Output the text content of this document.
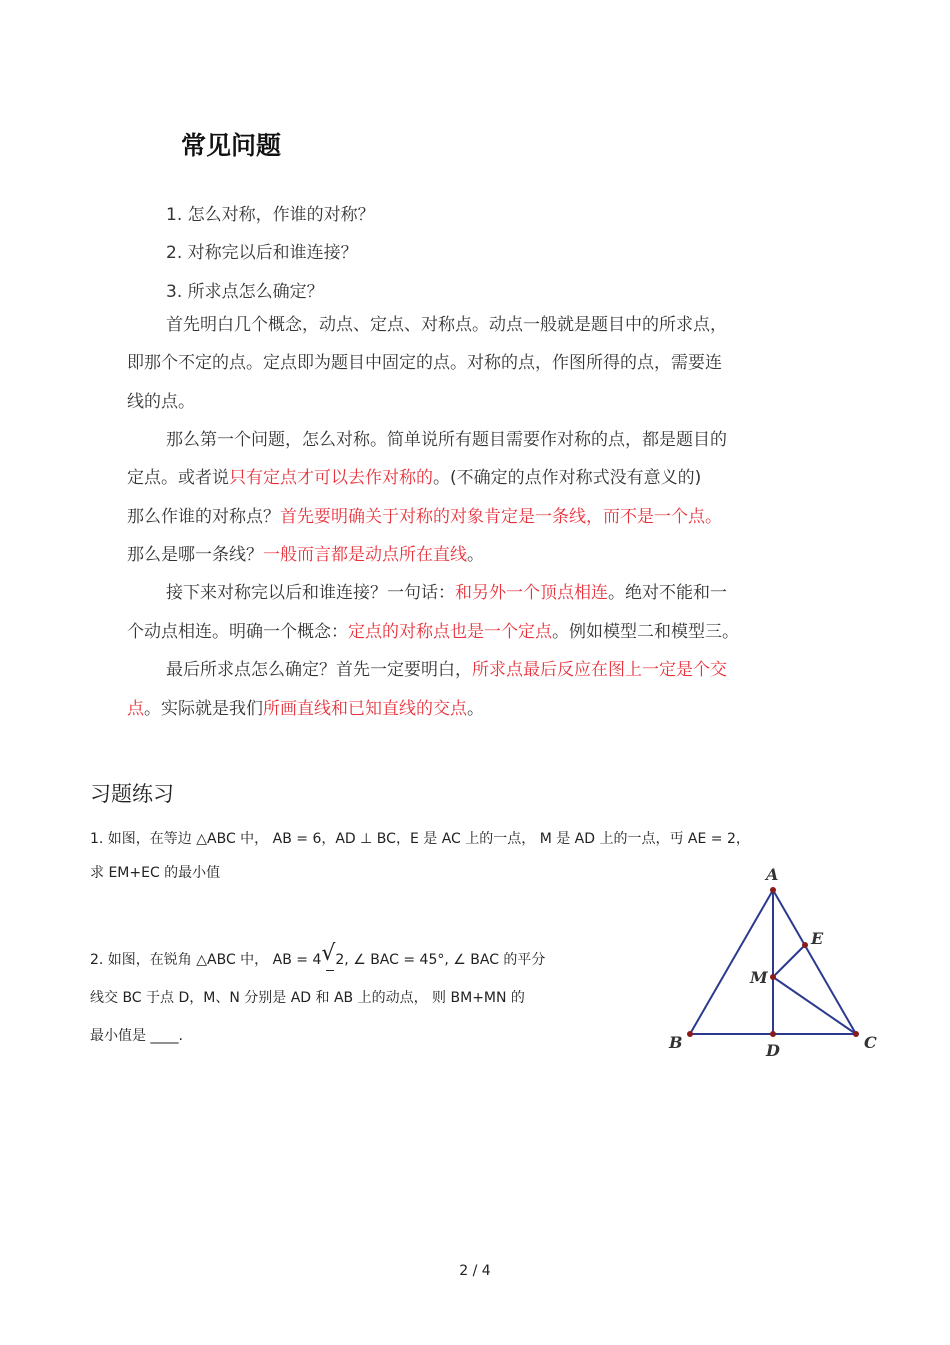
常见问题
1. 怎么对称，作谁的对称？
2. 对称完以后和谁连接？
3. 所求点怎么确定？
首先明白几个概念，动点、定点、对称点。动点一般就是题目中的所求点，
即那个不定的点。定点即为题目中固定的点。对称的点，作图所得的点，需要连
线的点。
那么第一个问题，怎么对称。简单说所有题目需要作对称的点，都是题目的
定点。或者说只有定点才可以去作对称的。(不确定的点作对称式没有意义的)
那么作谁的对称点？首先要明确关于对称的对象肯定是一条线，而不是一个点。
那么是哪一条线？一般而言都是动点所在直线。
接下来对称完以后和谁连接？一句话：和另外一个顶点相连。绝对不能和一
个动点相连。明确一个概念：定点的对称点也是一个定点。例如模型二和模型三。
最后所求点怎么确定？首先一定要明白，所求点最后反应在图上一定是个交
点。实际就是我们所画直线和已知直线的交点。
习题练习
1. 如图，在等边 △ABC 中， AB = 6，AD ⊥ BC，E 是 AC 上的一点， M 是 AD 上的一点，丏 AE = 2，
求 EM+EC 的最小值
2. 如图，在锐角 △ABC 中， AB = 4√2, ∠ BAC = 45°, ∠ BAC 的平分
线交 BC 于点 D，M、N 分别是 AD 和 AB 上的动点， 则 BM+MN 的
最小值是 ____.
A
B	C
D
E
M
2 / 4
